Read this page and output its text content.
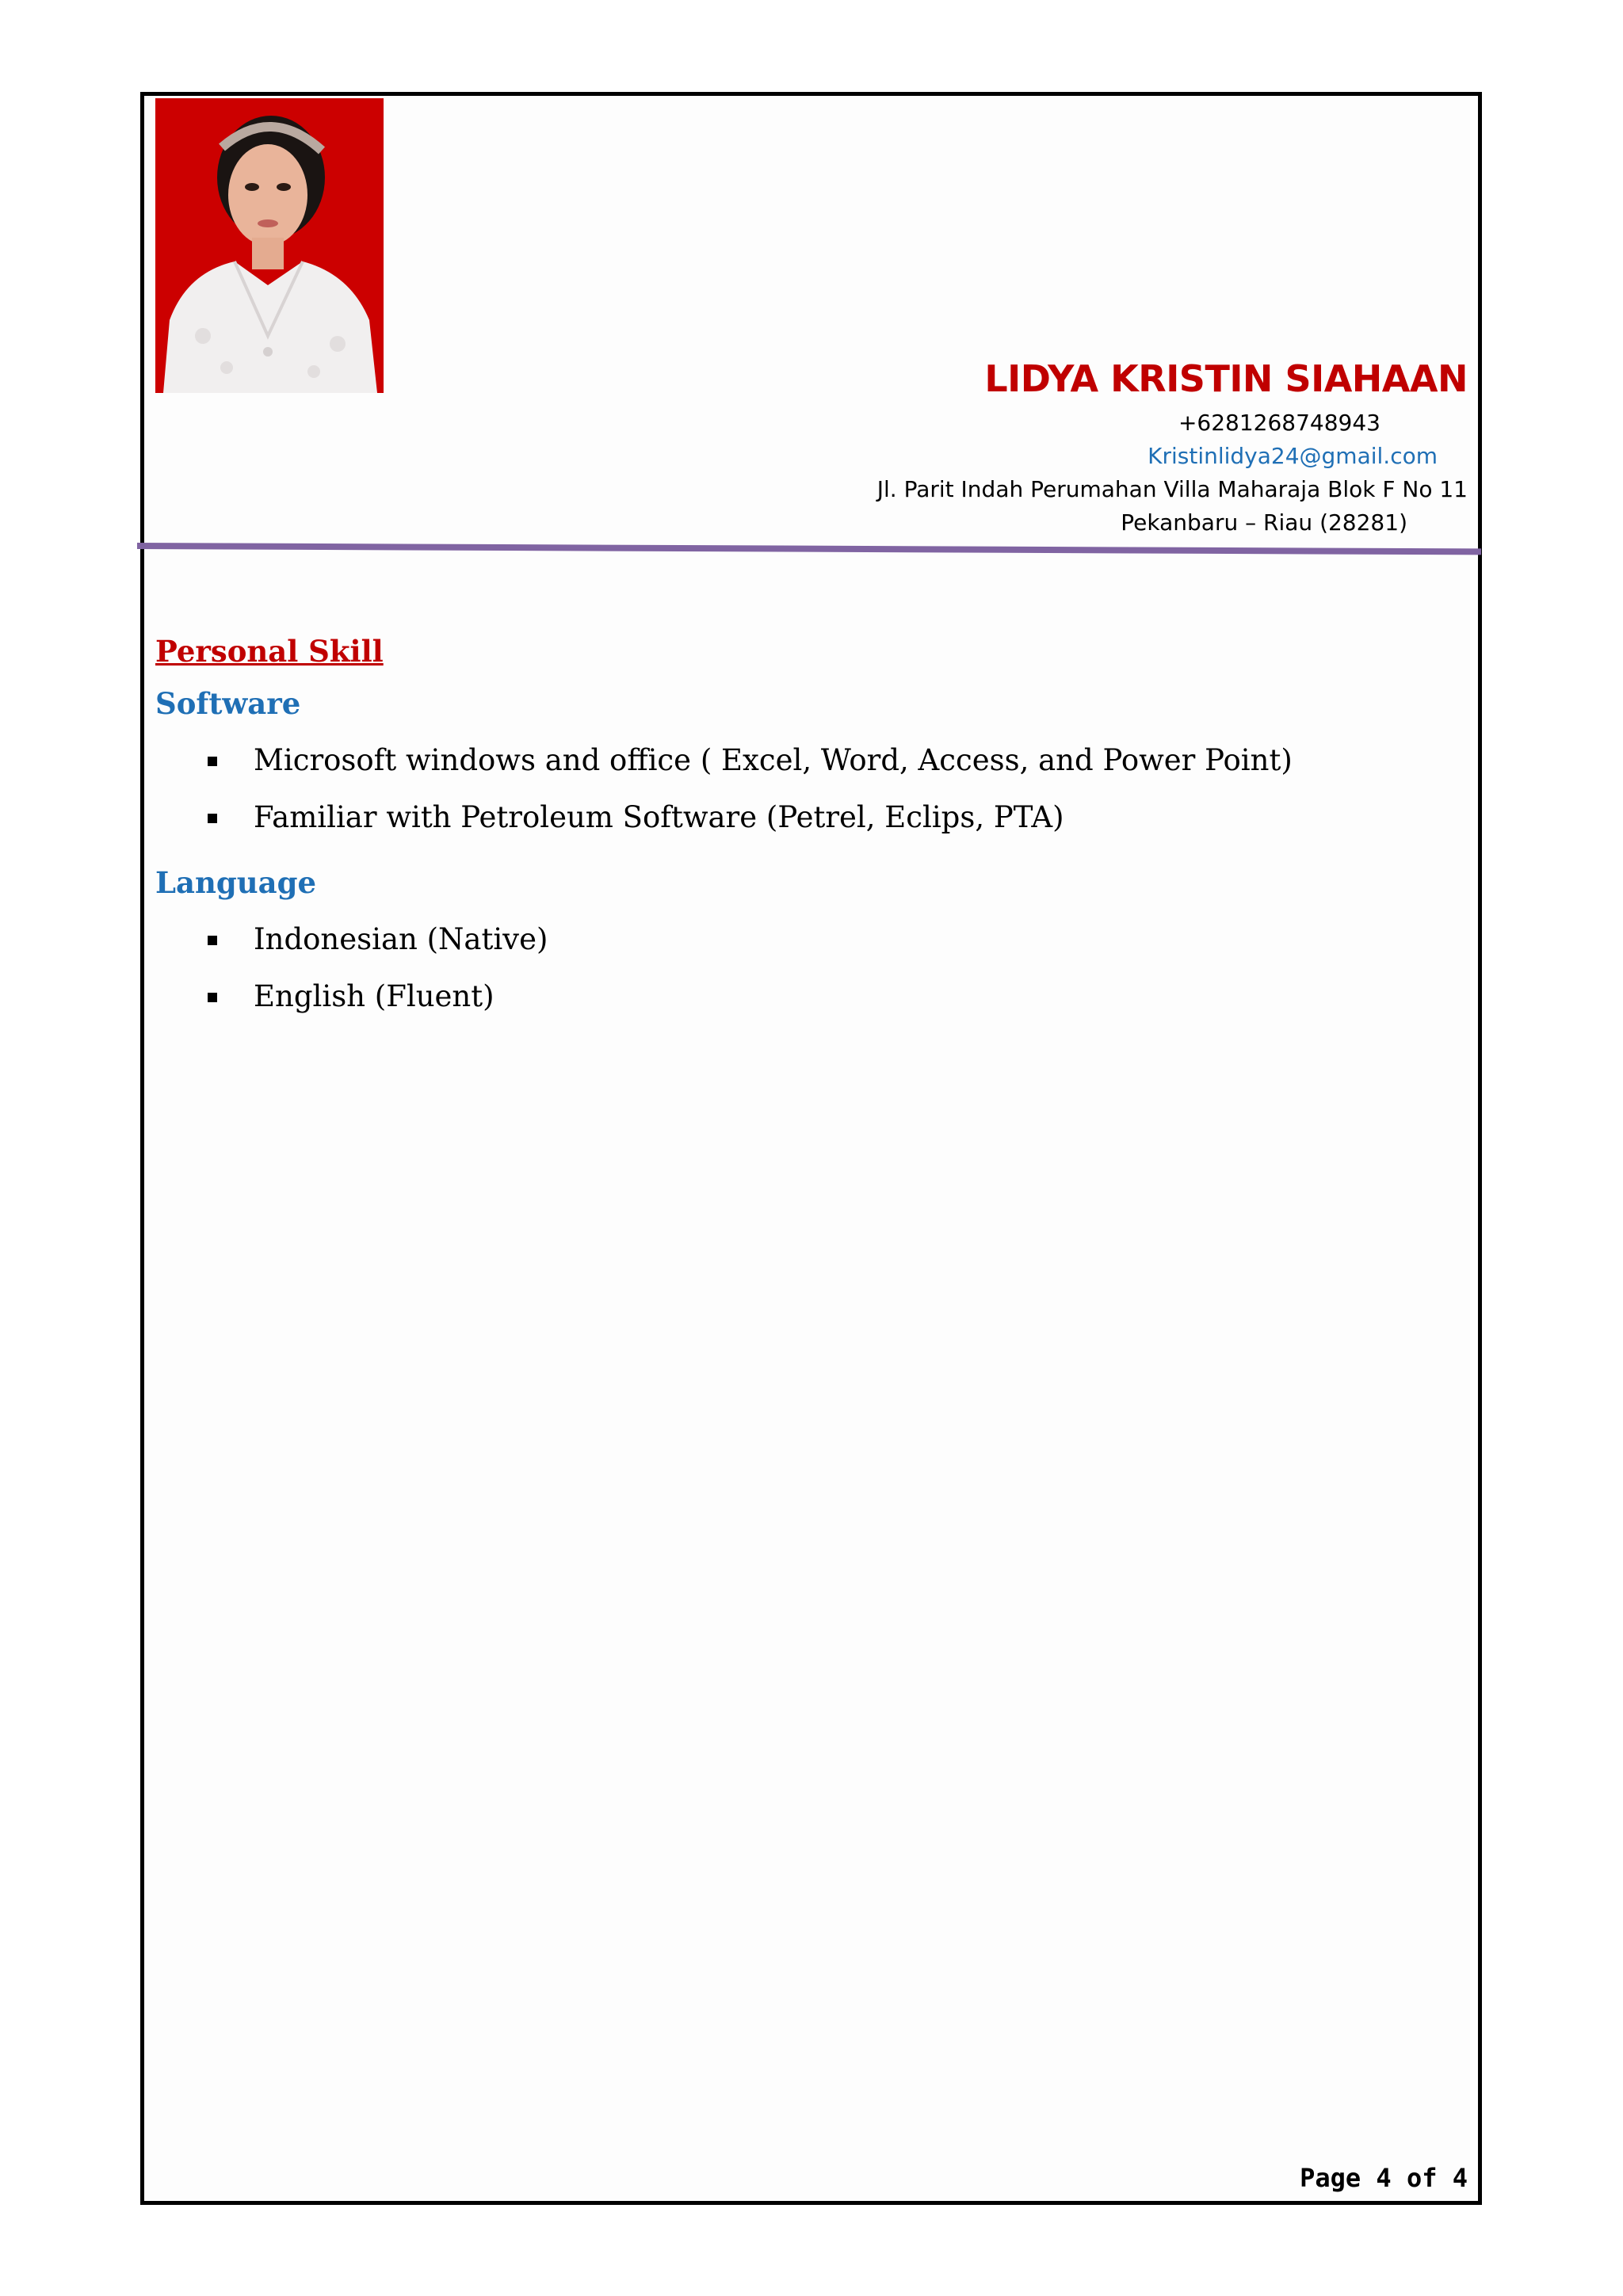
LIDYA KRISTIN SIAHAAN
+6281268748943
Kristinlidya24@gmail.com
Jl. Parit Indah Perumahan Villa Maharaja Blok F No 11
Pekanbaru – Riau (28281)
Personal Skill
Software
Microsoft windows and office ( Excel, Word, Access, and Power Point)
Familiar with Petroleum Software (Petrel, Eclips, PTA)
Language
Indonesian (Native)
English (Fluent)
Page 4 of 4
